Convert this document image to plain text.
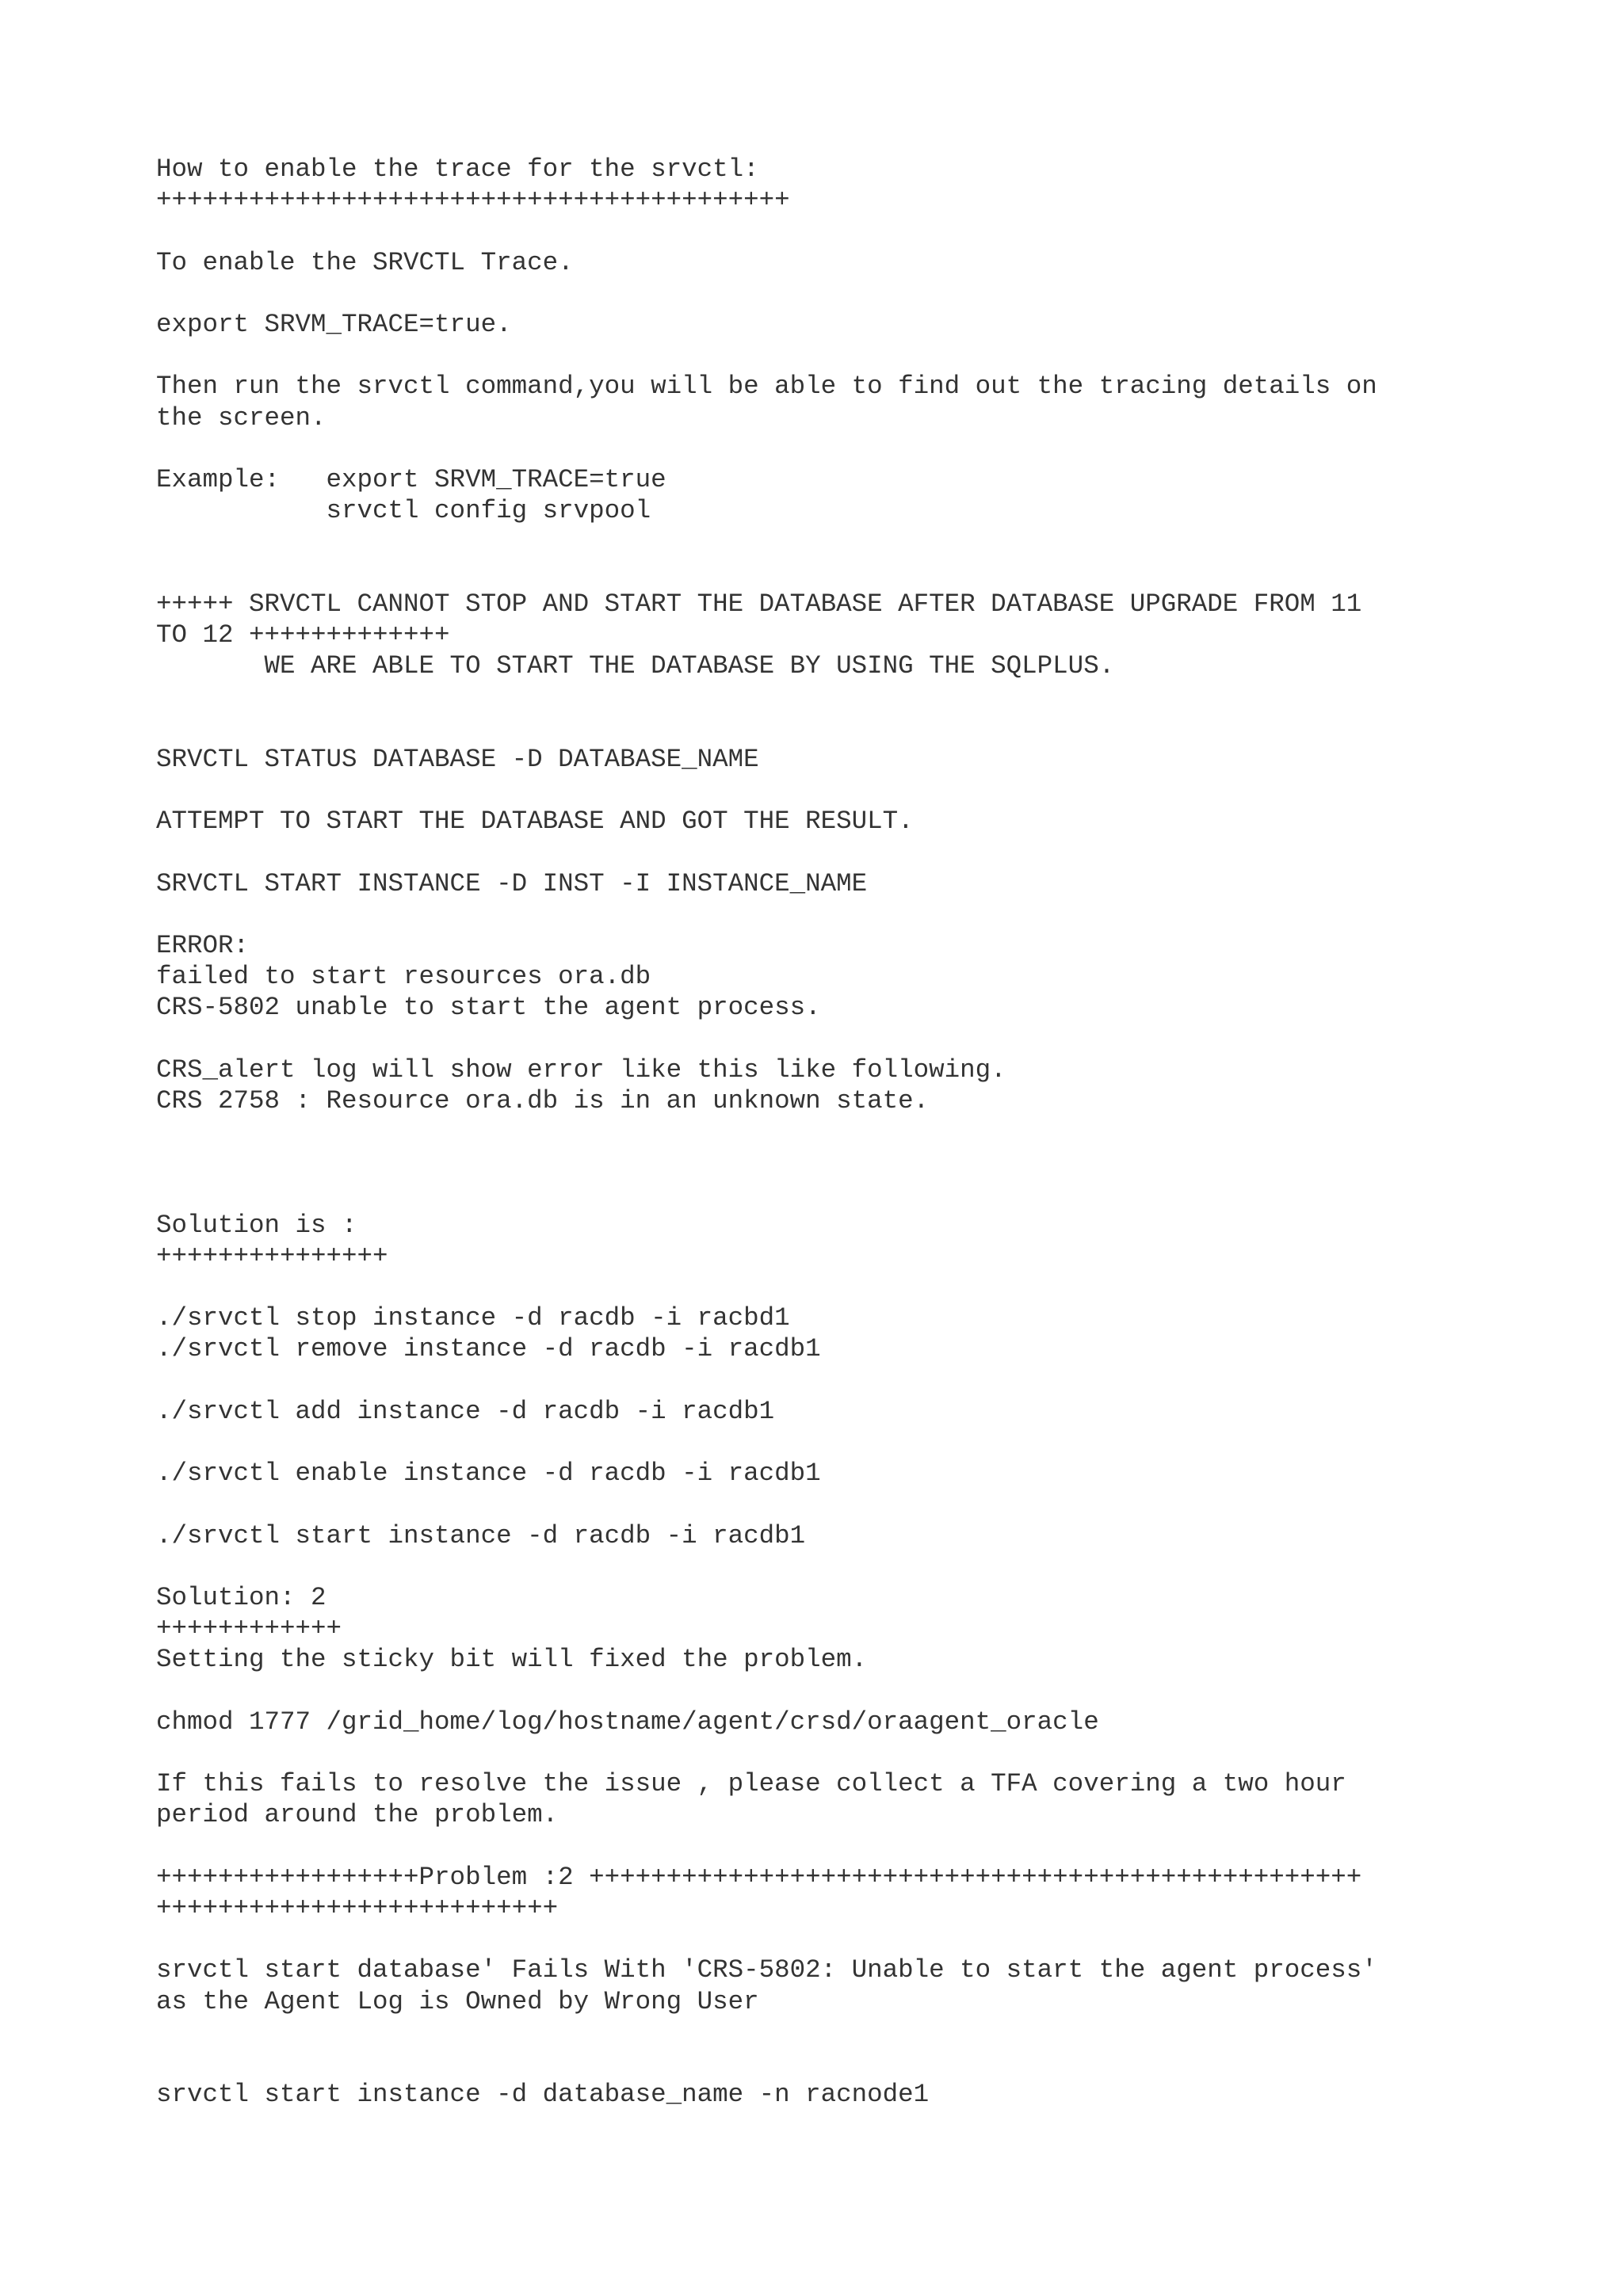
How to enable the trace for the srvctl:
+++++++++++++++++++++++++++++++++++++++++
To enable the SRVCTL Trace.
export SRVM_TRACE=true.
Then run the srvctl command,you will be able to find out the tracing details on
the screen.
Example:   export SRVM_TRACE=true
srvctl config srvpool
+++++ SRVCTL CANNOT STOP AND START THE DATABASE AFTER DATABASE UPGRADE FROM 11
TO 12 +++++++++++++
WE ARE ABLE TO START THE DATABASE BY USING THE SQLPLUS.
SRVCTL STATUS DATABASE -D DATABASE_NAME
ATTEMPT TO START THE DATABASE AND GOT THE RESULT.
SRVCTL START INSTANCE -D INST -I INSTANCE_NAME
ERROR:
failed to start resources ora.db
CRS-5802 unable to start the agent process.
CRS_alert log will show error like this like following.
CRS 2758 : Resource ora.db is in an unknown state.
Solution is :
+++++++++++++++
./srvctl stop instance -d racdb -i racbd1
./srvctl remove instance -d racdb -i racdb1
./srvctl add instance -d racdb -i racdb1
./srvctl enable instance -d racdb -i racdb1
./srvctl start instance -d racdb -i racdb1
Solution: 2
++++++++++++
Setting the sticky bit will fixed the problem.
chmod 1777 /grid_home/log/hostname/agent/crsd/oraagent_oracle
If this fails to resolve the issue , please collect a TFA covering a two hour
period around the problem.
+++++++++++++++++Problem :2 ++++++++++++++++++++++++++++++++++++++++++++++++++
++++++++++++++++++++++++++
srvctl start database' Fails With 'CRS-5802: Unable to start the agent process'
as the Agent Log is Owned by Wrong User
srvctl start instance -d database_name -n racnode1
